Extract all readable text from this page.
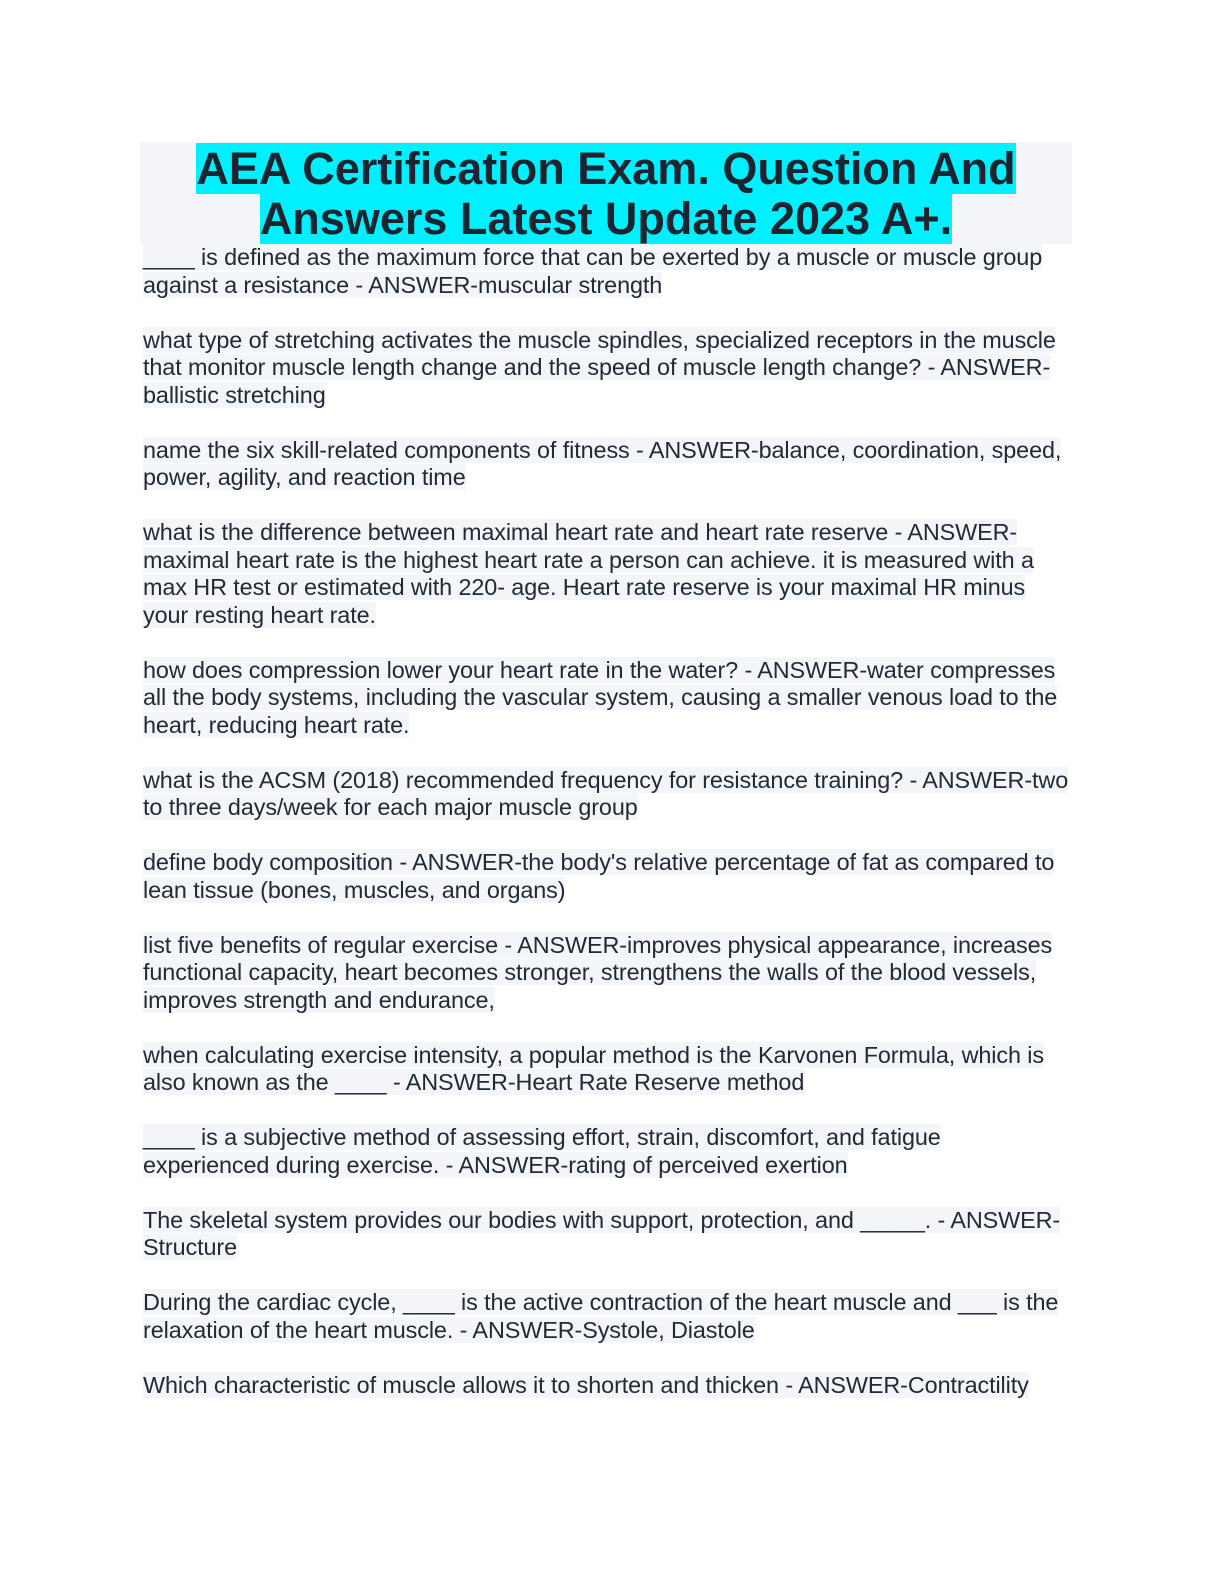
AEA Certification Exam. Question And Answers Latest Update 2023 A+.

____ is defined as the maximum force that can be exerted by a muscle or muscle group against a resistance - ANSWER-muscular strength

what type of stretching activates the muscle spindles, specialized receptors in the muscle that monitor muscle length change and the speed of muscle length change? - ANSWER-ballistic stretching

name the six skill-related components of fitness - ANSWER-balance, coordination, speed, power, agility, and reaction time

what is the difference between maximal heart rate and heart rate reserve - ANSWER-maximal heart rate is the highest heart rate a person can achieve. it is measured with a max HR test or estimated with 220- age. Heart rate reserve is your maximal HR minus your resting heart rate.

how does compression lower your heart rate in the water? - ANSWER-water compresses all the body systems, including the vascular system, causing a smaller venous load to the heart, reducing heart rate.

what is the ACSM (2018) recommended frequency for resistance training? - ANSWER-two to three days/week for each major muscle group

define body composition - ANSWER-the body's relative percentage of fat as compared to lean tissue (bones, muscles, and organs)

list five benefits of regular exercise - ANSWER-improves physical appearance, increases functional capacity, heart becomes stronger, strengthens the walls of the blood vessels, improves strength and endurance,

when calculating exercise intensity, a popular method is the Karvonen Formula, which is also known as the ____ - ANSWER-Heart Rate Reserve method

____ is a subjective method of assessing effort, strain, discomfort, and fatigue experienced during exercise. - ANSWER-rating of perceived exertion

The skeletal system provides our bodies with support, protection, and _____. - ANSWER-Structure

During the cardiac cycle, ____ is the active contraction of the heart muscle and ___ is the relaxation of the heart muscle. - ANSWER-Systole, Diastole

Which characteristic of muscle allows it to shorten and thicken - ANSWER-Contractility
